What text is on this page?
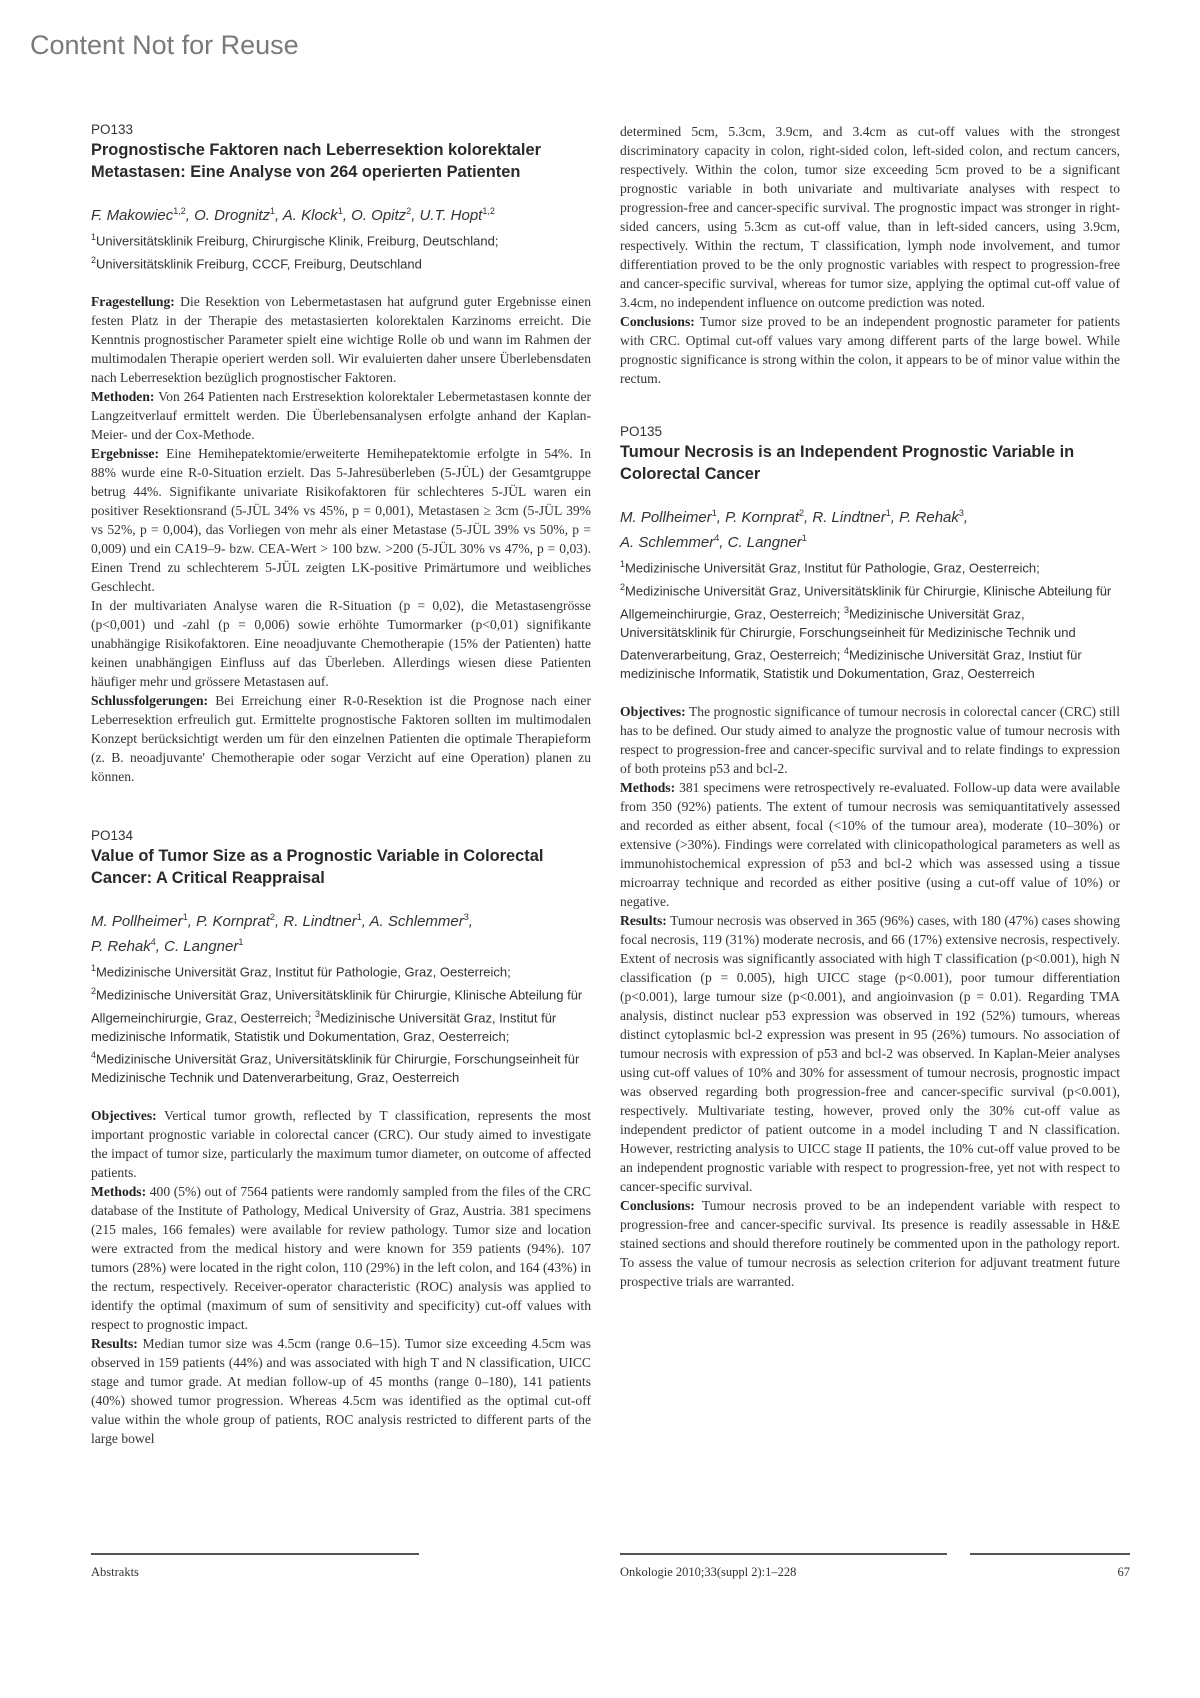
Content Not for Reuse
PO133
Prognostische Faktoren nach Leberresektion kolorektaler Metastasen: Eine Analyse von 264 operierten Patienten
F. Makowiec$^{1,2}$, O. Drognitz$^1$, A. Klock$^1$, O. Opitz$^2$, U.T. Hopt$^{1,2}$
$^1$Universitätsklinik Freiburg, Chirurgische Klinik, Freiburg, Deutschland;
$^2$Universitätsklinik Freiburg, CCCF, Freiburg, Deutschland

Fragestellung: Die Resektion von Lebermetastasen hat aufgrund guter Ergebnisse einen festen Platz in der Therapie des metastasierten kolorektalen Karzinoms erreicht. Die Kenntnis prognostischer Parameter spielt eine wichtige Rolle ob und wann im Rahmen der multimodalen Therapie operiert werden soll. Wir evaluierten daher unsere Überlebensdaten nach Leberresektion bezüglich prognostischer Faktoren.

Methoden: Von 264 Patienten nach Erstresektion kolorektaler Lebermetastasen konnte der Langzeitverlauf ermittelt werden. Die Überlebensanalysen erfolgte anhand der Kaplan-Meier- und der Cox-Methode.

Ergebnisse: Eine Hemihepatektomie/erweiterte Hemihepatektomie erfolgte in 54%. In 88% wurde eine R-0-Situation erzielt. Das 5-Jahresüberleben (5-JÜL) der Gesamtgruppe betrug 44%. Signifikante univariate Risikofaktoren für schlechteres 5-JÜL waren ein positiver Resektionsrand (5-JÜL 34% vs 45%, p = 0,001), Metastasen ≥ 3cm (5-JÜL 39% vs 52%, p = 0,004), das Vorliegen von mehr als einer Metastase (5-JÜL 39% vs 50%, p = 0,009) und ein CA19–9- bzw. CEA-Wert > 100 bzw. >200 (5-JÜL 30% vs 47%, p = 0,03). Einen Trend zu schlechterem 5-JÜL zeigten LK-positive Primärtumore und weibliches Geschlecht.

In der multivariaten Analyse waren die R-Situation (p = 0,02), die Metastasengrösse (p<0,001) und -zahl (p = 0,006) sowie erhöhte Tumormarker (p<0,01) signifikante unabhängige Risikofaktoren. Eine neoadjuvante Chemotherapie (15% der Patienten) hatte keinen unabhängigen Einfluss auf das Überleben. Allerdings wiesen diese Patienten häufiger mehr und grössere Metastasen auf.

Schlussfolgerungen: Bei Erreichung einer R-0-Resektion ist die Prognose nach einer Leberresektion erfreulich gut. Ermittelte prognostische Faktoren sollten im multimodalen Konzept berücksichtigt werden um für den einzelnen Patienten die optimale Therapieform (z. B. neoadjuvante' Chemotherapie oder sogar Verzicht auf eine Operation) planen zu können.

PO134
Value of Tumor Size as a Prognostic Variable in Colorectal Cancer: A Critical Reappraisal
M. Pollheimer$^1$, P. Kornprat$^2$, R. Lindtner$^1$, A. Schlemmer$^3$,
P. Rehak$^4$, C. Langner$^1$
$^1$Medizinische Universität Graz, Institut für Pathologie, Graz, Oesterreich; $^2$Medizinische Universität Graz, Universitätsklinik für Chirurgie, Klinische Abteilung für Allgemeinchirurgie, Graz, Oesterreich; $^3$Medizinische Universität Graz, Institut für medizinische Informatik, Statistik und Dokumentation, Graz, Oesterreich; $^4$Medizinische Universität Graz, Universitätsklinik für Chirurgie, Forschungseinheit für Medizinische Technik und Datenverarbeitung, Graz, Oesterreich

Objectives: Vertical tumor growth, reflected by T classification, represents the most important prognostic variable in colorectal cancer (CRC). Our study aimed to investigate the impact of tumor size, particularly the maximum tumor diameter, on outcome of affected patients.

Methods: 400 (5%) out of 7564 patients were randomly sampled from the files of the CRC database of the Institute of Pathology, Medical University of Graz, Austria. 381 specimens (215 males, 166 females) were available for review pathology. Tumor size and location were extracted from the medical history and were known for 359 patients (94%). 107 tumors (28%) were located in the right colon, 110 (29%) in the left colon, and 164 (43%) in the rectum, respectively. Receiver-operator characteristic (ROC) analysis was applied to identify the optimal (maximum of sum of sensitivity and specificity) cut-off values with respect to prognostic impact.

Results: Median tumor size was 4.5cm (range 0.6–15). Tumor size exceeding 4.5cm was observed in 159 patients (44%) and was associated with high T and N classification, UICC stage and tumor grade. At median follow-up of 45 months (range 0–180), 141 patients (40%) showed tumor progression. Whereas 4.5cm was identified as the optimal cut-off value within the whole group of patients, ROC analysis restricted to different parts of the large bowel

determined 5cm, 5.3cm, 3.9cm, and 3.4cm as cut-off values with the strongest discriminatory capacity in colon, right-sided colon, left-sided colon, and rectum cancers, respectively. Within the colon, tumor size exceeding 5cm proved to be a significant prognostic variable in both univariate and multivariate analyses with respect to progression-free and cancer-specific survival. The prognostic impact was stronger in right-sided cancers, using 5.3cm as cut-off value, than in left-sided cancers, using 3.9cm, respectively. Within the rectum, T classification, lymph node involvement, and tumor differentiation proved to be the only prognostic variables with respect to progression-free and cancer-specific survival, whereas for tumor size, applying the optimal cut-off value of 3.4cm, no independent influence on outcome prediction was noted.

Conclusions: Tumor size proved to be an independent prognostic parameter for patients with CRC. Optimal cut-off values vary among different parts of the large bowel. While prognostic significance is strong within the colon, it appears to be of minor value within the rectum.

PO135
Tumour Necrosis is an Independent Prognostic Variable in Colorectal Cancer
M. Pollheimer$^1$, P. Kornprat$^2$, R. Lindtner$^1$, P. Rehak$^3$,
A. Schlemmer$^4$, C. Langner$^1$
$^1$Medizinische Universität Graz, Institut für Pathologie, Graz, Oesterreich; $^2$Medizinische Universität Graz, Universitätsklinik für Chirurgie, Klinische Abteilung für Allgemeinchirurgie, Graz, Oesterreich; $^3$Medizinische Universität Graz, Universitätsklinik für Chirurgie, Forschungseinheit für Medizinische Technik und Datenverarbeitung, Graz, Oesterreich; $^4$Medizinische Universität Graz, Instiut für medizinische Informatik, Statistik und Dokumentation, Graz, Oesterreich

Objectives: The prognostic significance of tumour necrosis in colorectal cancer (CRC) still has to be defined. Our study aimed to analyze the prognostic value of tumour necrosis with respect to progression-free and cancer-specific survival and to relate findings to expression of both proteins p53 and bcl-2.

Methods: 381 specimens were retrospectively re-evaluated. Follow-up data were available from 350 (92%) patients. The extent of tumour necrosis was semiquantitatively assessed and recorded as either absent, focal (<10% of the tumour area), moderate (10–30%) or extensive (>30%). Findings were correlated with clinicopathological parameters as well as immunohistochemical expression of p53 and bcl-2 which was assessed using a tissue microarray technique and recorded as either positive (using a cut-off value of 10%) or negative.

Results: Tumour necrosis was observed in 365 (96%) cases, with 180 (47%) cases showing focal necrosis, 119 (31%) moderate necrosis, and 66 (17%) extensive necrosis, respectively. Extent of necrosis was significantly associated with high T classification (p<0.001), high N classification (p = 0.005), high UICC stage (p<0.001), poor tumour differentiation (p<0.001), large tumour size (p<0.001), and angioinvasion (p = 0.01). Regarding TMA analysis, distinct nuclear p53 expression was observed in 192 (52%) tumours, whereas distinct cytoplasmic bcl-2 expression was present in 95 (26%) tumours. No association of tumour necrosis with expression of p53 and bcl-2 was observed. In Kaplan-Meier analyses using cut-off values of 10% and 30% for assessment of tumour necrosis, prognostic impact was observed regarding both progression-free and cancer-specific survival (p<0.001), respectively. Multivariate testing, however, proved only the 30% cut-off value as independent predictor of patient outcome in a model including T and N classification. However, restricting analysis to UICC stage II patients, the 10% cut-off value proved to be an independent prognostic variable with respect to progression-free, yet not with respect to cancer-specific survival.

Conclusions: Tumour necrosis proved to be an independent variable with respect to progression-free and cancer-specific survival. Its presence is readily assessable in H&E stained sections and should therefore routinely be commented upon in the pathology report. To assess the value of tumour necrosis as selection criterion for adjuvant treatment future prospective trials are warranted.

Abstrakts	Onkologie 2010;33(suppl 2):1–228	67
